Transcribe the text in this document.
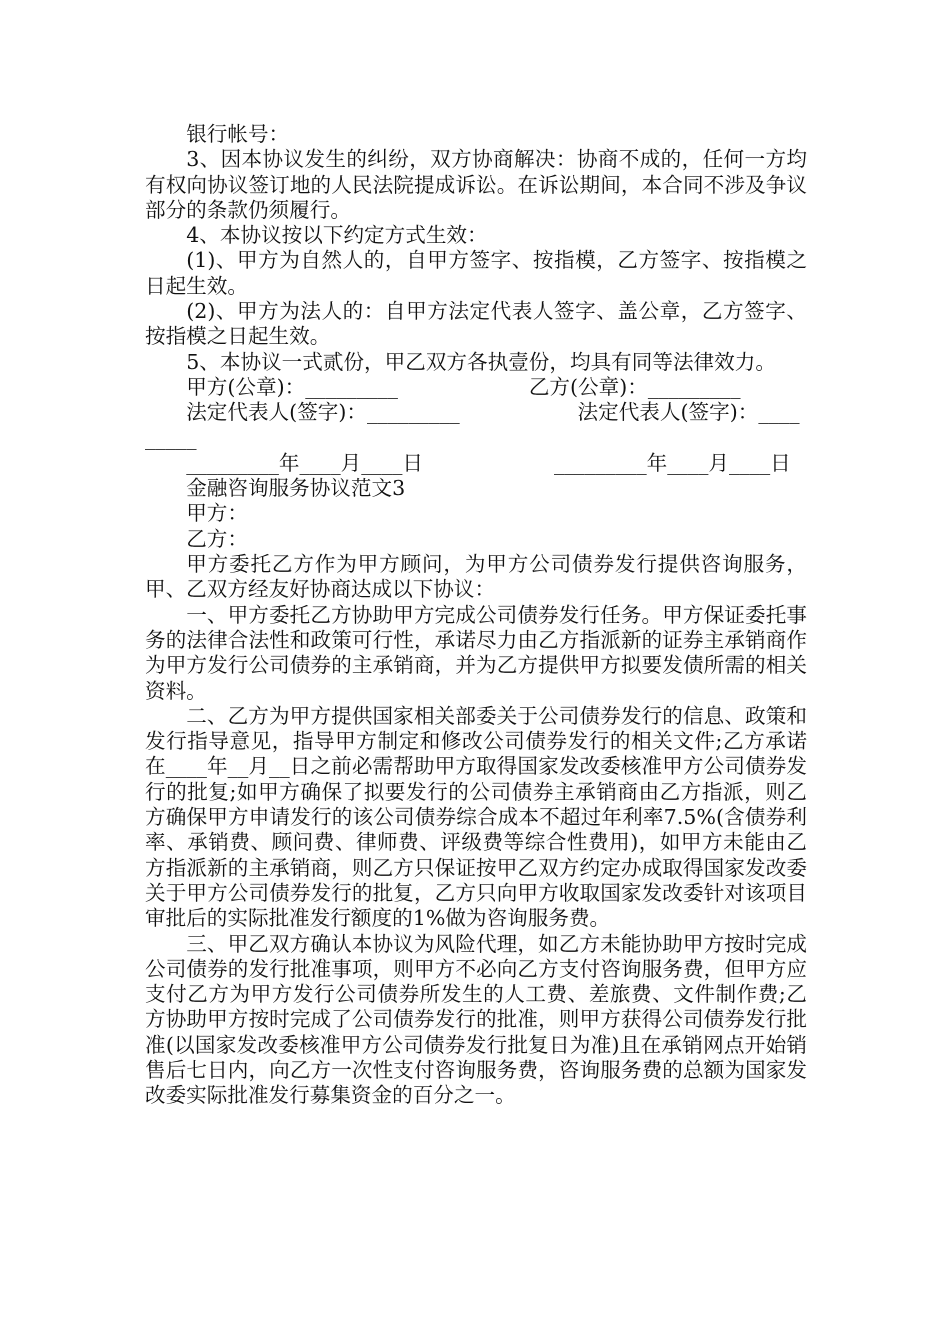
银行帐号：

3、因本协议发生的纠纷，双方协商解决：协商不成的，任何一方均有权向协议签订地的人民法院提成诉讼。在诉讼期间，本合同不涉及争议部分的条款仍须履行。

4、本协议按以下约定方式生效：

(1)、甲方为自然人的，自甲方签字、按指模，乙方签字、按指模之日起生效。

(2)、甲方为法人的：自甲方法定代表人签字、盖公章，乙方签字、按指模之日起生效。

5、本协议一式贰份，甲乙双方各执壹份，均具有同等法律效力。

甲方(公章)：_________                    乙方(公章)：_________

法定代表人(签字)：_________                  法定代表人(签字)：_________

_________年____月____日                    _________年____月____日

金融咨询服务协议范文3

甲方：

乙方：

甲方委托乙方作为甲方顾问，为甲方公司债券发行提供咨询服务，甲、乙双方经友好协商达成以下协议：

一、甲方委托乙方协助甲方完成公司债券发行任务。甲方保证委托事务的法律合法性和政策可行性，承诺尽力由乙方指派新的证券主承销商作为甲方发行公司债券的主承销商，并为乙方提供甲方拟要发债所需的相关资料。

二、乙方为甲方提供国家相关部委关于公司债券发行的信息、政策和发行指导意见，指导甲方制定和修改公司债券发行的相关文件;乙方承诺在____年__月__日之前必需帮助甲方取得国家发改委核准甲方公司债券发行的批复;如甲方确保了拟要发行的公司债券主承销商由乙方指派，则乙方确保甲方申请发行的该公司债券综合成本不超过年利率7.5%(含债券利率、承销费、顾问费、律师费、评级费等综合性费用)，如甲方未能由乙方指派新的主承销商，则乙方只保证按甲乙双方约定办成取得国家发改委关于甲方公司债券发行的批复，乙方只向甲方收取国家发改委针对该项目审批后的实际批准发行额度的1%做为咨询服务费。

三、甲乙双方确认本协议为风险代理，如乙方未能协助甲方按时完成公司债券的发行批准事项，则甲方不必向乙方支付咨询服务费，但甲方应支付乙方为甲方发行公司债券所发生的人工费、差旅费、文件制作费;乙方协助甲方按时完成了公司债券发行的批准，则甲方获得公司债券发行批准(以国家发改委核准甲方公司债券发行批复日为准)且在承销网点开始销售后七日内，向乙方一次性支付咨询服务费，咨询服务费的总额为国家发改委实际批准发行募集资金的百分之一。
